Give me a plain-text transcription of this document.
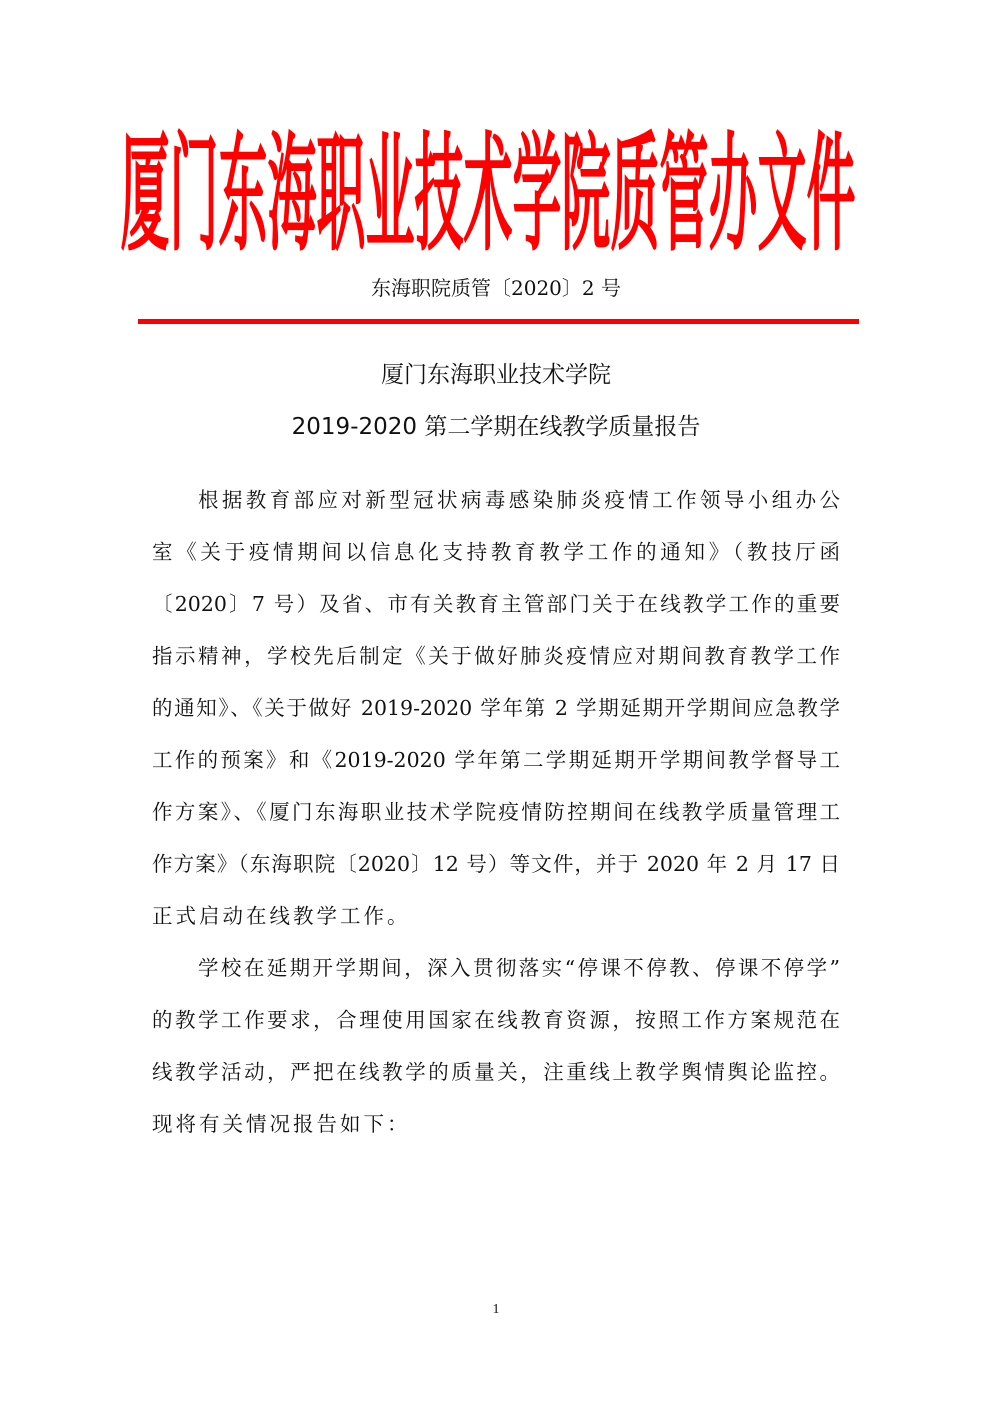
厦门东海职业技术学院质管办文件
东海职院质管〔2020〕2 号
厦门东海职业技术学院
2019-2020 第二学期在线教学质量报告
根据教育部应对新型冠状病毒感染肺炎疫情工作领导小组办公
室《关于疫情期间以信息化支持教育教学工作的通知》（教技厅函
〔2020〕7 号）及省、市有关教育主管部门关于在线教学工作的重要
指示精神，学校先后制定《关于做好肺炎疫情应对期间教育教学工作
的通知》、《关于做好 2019-2020 学年第 2 学期延期开学期间应急教学
工作的预案》和《2019-2020 学年第二学期延期开学期间教学督导工
作方案》、《厦门东海职业技术学院疫情防控期间在线教学质量管理工
作方案》（东海职院〔2020〕12 号）等文件，并于 2020 年 2 月 17 日
正式启动在线教学工作。
学校在延期开学期间，深入贯彻落实“停课不停教、停课不停学”
的教学工作要求，合理使用国家在线教育资源，按照工作方案规范在
线教学活动，严把在线教学的质量关，注重线上教学舆情舆论监控。
现将有关情况报告如下：
1
